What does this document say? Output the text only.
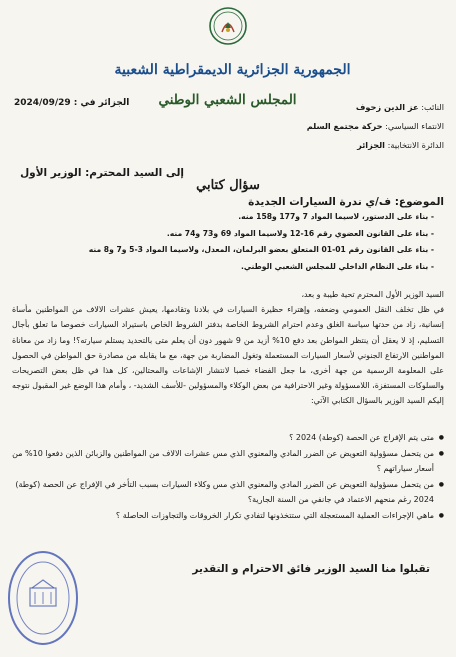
الجمهورية الجزائرية الديمقراطية الشعبية
المجلس الشعبي الوطني	النائب: عز الدين زحوف
الانتماء السياسي: حركة مجتمع السلم
الدائرة الانتخابية: الجزائر
الجزائر في : 2024/09/29
إلى السيد المحترم: الوزير الأول
سؤال كتابي
الموضوع: ف/ي ندرة السيارات الجديدة
- بناء على الدستور، لاسيما المواد 7 و177 و158 منه.
- بناء على القانون العضوي رقم 16-12 ولاسيما المواد 69 و73 و74 منه.
- بناء على القانون رقم 01-01 المتعلق بعضو البرلمان، المعدل، ولاسيما المواد 3-5 و7 و8 منه
- بناء على النظام الداخلي للمجلس الشعبي الوطني.

السيد الوزير الأول المحترم تحية طيبة و بعد،

في ظل تخلف النقل العمومي وضعفه، وإهتراء حظيرة السيارات في بلادنا وتقادمها، يعيش عشرات الالاف من المواطنين مأساة إنسانية، زاد من حدتها سياسة الغلق وعدم احترام الشروط الخاصة بدفتر الشروط الخاص باستيراد السيارات خصوصا ما تعلق بأجال التسليم، إذ لا يعقل أن ينتظر المواطن بعد دفع 10% أزيد من 9 شهور دون أن يعلم متى بالتحديد يستلم سيارته؟! وما زاد من معاناة المواطنين الارتفاع الجنوني لأسعار السيارات المستعملة وتغول المضاربة من جهة، مع ما يقابله من مصادرة حق المواطن في الحصول على المعلومة الرسمية من جهة أخرى، ما جعل الفضاء خصبا لانتشار الإشاعات والمحتالين، كل هذا في ظل بعض التصريحات والسلوكات المستفزة، اللامسؤولة وغير الاحترافية من بعض الوكلاء والمسؤولين -للأسف الشديد- ، وأمام هذا الوضع غير المقبول نتوجه إليكم السيد الوزير بالسؤال الكتابي الآتي:

● متى يتم الإفراج عن الحصة (كوطة) 2024 ؟
● من يتحمل مسؤولية التعويض عن الضرر المادي والمعنوي الذي مس عشرات الالاف من المواطنين والزبائن الذين دفعوا 10% من أسعار سياراتهم ؟
● من يتحمل مسؤولية التعويض عن الضرر المادي والمعنوي الذي مس وكلاء السيارات بسبب التأخر في الإفراج عن الحصة (كوطة) 2024 رغم منحهم الاعتماد في جانفي من السنة الجارية؟
● ماهي الإجراءات العملية المستعجلة التي ستتخذونها لتفادي تكرار الخروقات والتجاوزات الحاصلة ؟
تقبلوا منا السيد الوزير فائق الاحترام و التقدير
